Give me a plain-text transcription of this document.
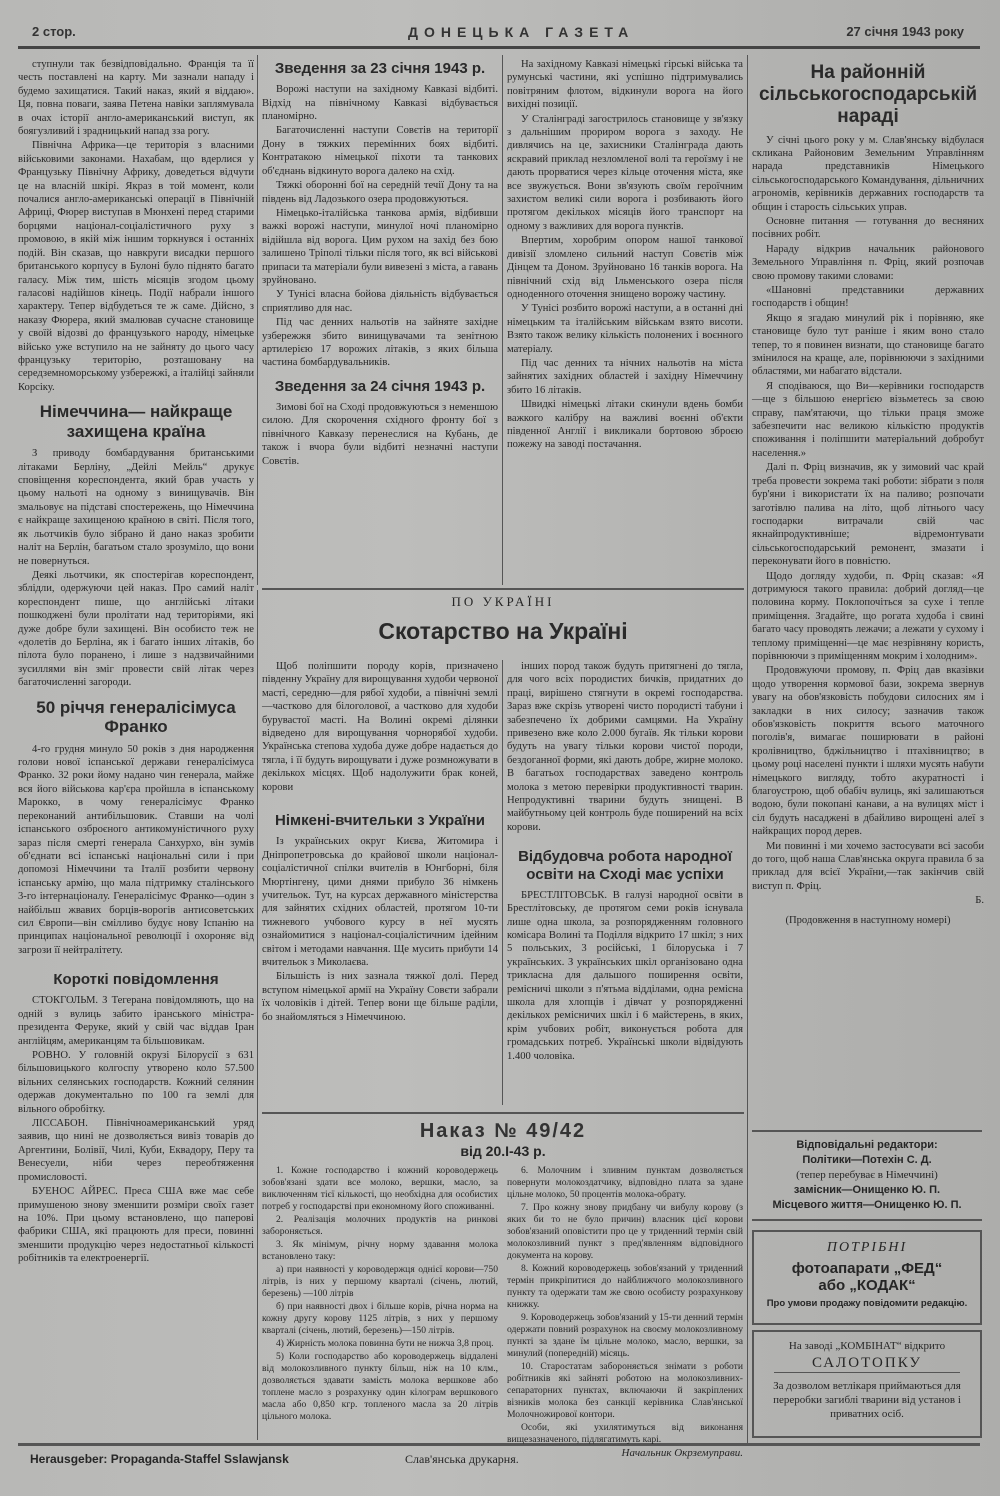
2 стор.	ДОНЕЦЬКА ГАЗЕТА	27 січня 1943 року

ступнули так безвідповідально. Франція та її честь поставлені на карту. Ми зазнали нападу і будемо захищатися. Такий наказ, який я віддаю». Ця, повна поваги, заява Петена навіки заплямувала в очах історії англо-американський виступ, як боягузливий і зрадницький напад зза рогу.

Північна Африка—це територія з власними військовими законами. Нахабам, що вдерлися у Французьку Північну Африку, доведеться відчути це на власній шкірі. Якраз в той момент, коли почалися англо-американські операції в Північній Африці, Фюрер виступав в Мюнхені перед старими борцями націонал-соціалістичного руху з промовою, в якій між іншим торкнувся і останніх подій. Він сказав, що навкруги висадки першого британського корпусу в Булоні було піднято багато галасу. Між тим, шість місяців згодом цьому галасові надійшов кінець. Події набрали іншого характеру. Тепер відбудеться те ж саме. Дійсно, з наказу Фюрера, який змалював сучасне становище у своїй відозві до французького народу, німецьке військо уже вступило на не зайняту до цього часу французьку територію, розташовану на середземноморському узбережжі, а італійці зайняли Корсіку.

Німеччина— найкраще захищена країна

З приводу бомбардування британськими літаками Берліну, „Дейлі Мейль“ друкує сповіщення кореспондента, який брав участь у цьому нальоті на одному з винищувачів. Він змальовує на підставі спостережень, що Німеччина є найкраще захищеною країною в світі. Після того, як льотчиків було зібрано й дано наказ зробити наліт на Берлін, багатьом стало зрозуміло, що вони не повернуться.

Деякі льотчики, як спостерігав кореспондент, зблідли, одержуючи цей наказ. Про самий наліт кореспондент пише, що англійські літаки пошкоджені були пролітати над територіями, які дуже добре були захищені. Він особисто теж не «долетів до Берліна, як і багато інших літаків, бо пілота було поранено, і лише з надзвичайними зусиллями він зміг провести свій літак через багаточисленні загороди.

50 річчя генералісімуса Франко

4-го грудня минуло 50 років з дня народження голови нової іспанської держави генералісімуса Франко. 32 роки йому надано чин генерала, майже вся його військова кар'єра пройшла в іспанському Марокко, в чому генералісімус Франко переконаний антибільшовик. Ставши на чолі іспанського озброєного антикомуністичного руху зараз після смерті генерала Санхурхо, він зумів об'єднати всі іспанські національні сили і при допомозі Німеччини та Італії розбити червону іспанську армію, що мала підтримку сталінського 3-го інтернаціоналу. Генералісімус Франко—один з найбільш жвавих борців-ворогів антисоветських сил Європи—він смілливо будує нову Іспанію на принципах національної революції і охороняє від загрози її нейтралітету.

Короткі повідомлення

СТОКГОЛЬМ. З Тегерана повідомляють, що на одній з вулиць забито іранського міністра-президента Феруке, який у свій час віддав Іран англійцям, американцям та більшовикам.

РОВНО. У головній окрузі Білорусії з 631 більшовицького колгоспу утворено коло 57.500 вільних селянських господарств. Кожний селянин одержав документально по 100 га землі для вільного обробітку.

ЛІССАБОН. Північноамериканський уряд заявив, що нині не дозволяється вивіз товарів до Аргентини, Болівії, Чилі, Куби, Еквадору, Перу та Венесуели, ніби через переобтяження промисловості.

БУЕНОС АЙРЕС. Преса США вже має себе примушеною знову зменшити розміри своїх газет на 10%. При цьому встановлено, що паперові фабрики США, які працюють для преси, повинні зменшити продукцію через недостатньої кількості робітників та електроенергії.

Зведення за 23 січня 1943 р.

Ворожі наступи на західному Кавказі відбиті. Відхід на північному Кавказі відбувається планомірно.

Багаточисленні наступи Совєтів на території Дону в тяжких перемінних боях відбиті. Контратакою німецької піхоти та танкових об'єднань відкинуто ворога далеко на схід.

Тяжкі оборонні бої на середній течії Дону та на південь від Ладозького озера продовжуються.

Німецько-італійська танкова армія, відбивши важкі ворожі наступи, минулої ночі планомірно відійшла від ворога. Цим рухом на захід без бою залишено Тріполі тільки після того, як всі військові припаси та матеріали були вивезені з міста, а гавань зруйновано.

У Тунісі власна бойова діяльність відбувається сприятливо для нас.

Під час денних нальотів на зайняте західне узбережжя збито винищувачами та зенітною артилерією 17 ворожих літаків, з яких більша частина бомбардувальників.

Зведення за 24 січня 1943 р.

Зимові бої на Сході продовжуються з неменшою силою. Для скорочення східного фронту бої з північного Кавказу перенеслися на Кубань, де також і вчора були відбиті незначні наступи Совєтів.

На західному Кавказі німецькі гірські війська та румунські частини, які успішно підтримувались повітряним флотом, відкинули ворога на його вихідні позиції.

У Сталінграді загострилось становище у зв'язку з дальнішим прориром ворога з заходу. Не дивлячись на це, захисники Сталінграда дають яскравий приклад незломленої волі та героїзму і не дають прорватися через кільце оточення міста, яке все звужується. Вони зв'язують своїм героїчним захистом великі сили ворога і розбивають його протягом декількох місяців його транспорт на одному з важливих для ворога пунктів.

Впертим, хоробрим опором нашої танкової дивізії зломлено сильний наступ Совєтів між Дінцем та Доном. Зруйновано 16 танків ворога. На північний схід від Ільменського озера після одноденного оточення знищено ворожу частину.

У Тунісі розбито ворожі наступи, а в останні дні німецьким та італійським військам взято висоти. Взято також велику кількість полонених і воєнного матеріалу.

Під час денних та нічних нальотів на міста зайнятих західних областей і західну Німеччину збито 16 літаків.

Швидкі німецькі літаки скинули вдень бомби важкого калібру на важливі воєнні об'єкти південної Англії і викликали бортовою зброєю пожежу на заводі постачання.

ПО УКРАЇНІ
Скотарство на Україні

Щоб поліпшити породу корів, призначено південну Україну для вирощування худоби червоної масті, середню—для рябої худоби, а північні землі—частково для білоголової, а частково для худоби бурувастої масті. На Волині окремі ділянки відведено для вирощування чорнорябої худоби. Українська степова худоба дуже добре надається до тягла, і її будуть вирощувати і дуже розмножувати в декількох місцях. Щоб надолужити брак коней, корови

Німкені-вчительки з України

Із українських округ Києва, Житомира і Дніпропетровська до крайової школи націонал-соціалістичної спілки вчителів в Юнгборні, біля Мюртінгену, цими днями прибуло 36 німкень учительок. Тут, на курсах державного міністерства для зайнятих східних областей, протягом 10-ти тижневого учбового курсу в неї мусять ознайомитися з націонал-соціалістичним ідейним світом і методами навчання. Ще мусить прибути 14 вчительок з Миколаєва.

Більшість із них зазнала тяжкої долі. Перед вступом німецької армії на Україну Совєти забрали їх чоловіків і дітей. Тепер вони ще більше раділи, бо знайомляться з Німеччиною.

інших пород також будуть притягнені до тягла, для чого всіх породистих бичків, придатних до праці, вирішено стягнути в окремі господарства. Зараз вже скрізь утворені чисто породисті табуни і забезпечено їх добрими самцями. На Україну привезено вже коло 2.000 бугаїв. Як тільки корови будуть на увагу тільки корови чистої породи, бездоганної форми, які дають добре, жирне молоко. В багатьох господарствах заведено контроль молока з метою перевірки продуктивності тварин. Непродуктивні тварини будуть знищені. В майбутньому цей контроль буде поширений на всіх корови.

Відбудовча робота народної освіти на Сході має успіхи

БРЕСТЛІТОВСЬК. В галузі народної освіти в Брестлітовську, де протягом семи років існувала лише одна школа, за розпорядженням головного комісара Волині та Поділля відкрито 17 шкіл; з них 5 польських, 3 російські, 1 білоруська і 7 українських. З українських шкіл організовано одна трикласна для дальшого поширення освіти, ремісничі школи з п'ятьма відділами, одна ремісна школа для хлопців і дівчат у розпорядженні декількох ремісничих шкіл і 6 майстерень, в яких, крім учбових робіт, виконується робота для громадських потреб. Українські школи відвідують 1.400 чоловіка.

Наказ № 49/42
від 20.І-43 р.

1. Кожне господарство і кожний короводержець зобов'язані здати все молоко, вершки, масло, за виключенням тієї кількості, що необхідна для особистих потреб у господарстві при економному його споживанні.

2. Реалізація молочних продуктів на ринкові забороняється.

3. Як мінімум, річну норму здавання молока встановлено таку:

а) при наявності у короводержця однієї корови—750 літрів, із них у першому кварталі (січень, лютий, березень) —100 літрів

б) при наявності двох і більше корів, річна норма на кожну другу корову 1125 літрів, з них у першому кварталі (січень, лютий, березень)—150 літрів.

4) Жирність молока повинна бути не нижча 3,8 проц.

5) Коли господарство або короводержець віддалені від молокозливного пункту більш, ніж на 10 клм., дозволяється здавати замість молока вершкове або топлене масло з розрахунку один кілограм вершкового масла або 0,850 кгр. топленого масла за 20 літрів цільного молока.

6. Молочним і зливним пунктам дозволяється повернути молокоздатчику, відповідно плата за здане цільне молоко, 50 процентів молока-обрату.

7. Про кожну знову придбану чи вибулу корову (з яких би то не було причин) власник цієї корови зобов'язаний оповістити про це у триденний термін свій молокозливний пункт з пред'явленням відповідного документа на корову.

8. Кожний короводержець зобов'язаний у триденний термін прикріпитися до найближчого молокозливного пункту та одержати там же свою особисту розрахункову книжку.

9. Короводержець зобов'язаний у 15-ти денний термін одержати повний розрахунок на своєму молокозливному пункті за здане їм цільне молоко, масло, вершки, за минулий (попередній) місяць.

10. Старостатам забороняється знімати з роботи робітників які зайняті роботою на молокозливних-сепараторних пунктах, включаючи й закріплених візників молока без санкції керівника Слав'янської Молочножирової контори.

Особи, які ухилятимуться від виконання вищезазначеного, підлягатимуть карі.

Начальник Окрземуправи.

На районній сільськогосподарській нараді

У січні цього року у м. Слав'янську відбулася скликана Районовим Земельним Управлінням нарада представників Німецького сільськогосподарського Командування, дільничних агрономів, керівників державних господарств та общин і старость сільських управ.

Основне питання — готування до весняних посівних робіт.

Нараду відкрив начальник районового Земельного Управління п. Фріц, який розпочав свою промову такими словами:

«Шановні представники державних господарств і общин!

Якщо я згадаю минулий рік і порівняю, яке становище було тут раніше і яким воно стало тепер, то я повинен визнати, що становище багато змінилося на краще, але, порівнюючи з західними областями, ми набагато відстали.

Я сподіваюся, що Ви—керівники господарств—ще з більшою енергією візьметесь за свою справу, пам'ятаючи, що тільки праця зможе забезпечити нас великою кількістю продуктів споживання і поліпшити матеріальний добробут населення.»

Далі п. Фріц визначив, як у зимовий час край треба провести зокрема такі роботи: зібрати з поля бур'яни і використати їх на паливо; розпочати заготівлю палива на літо, щоб літнього часу господарки витрачали свій час якнайпродуктивніше; відремонтувати сільськогосподарський ремонент, змазати і переконувати його в повністю.

Щодо догляду худоби, п. Фріц сказав: «Я дотримуюся такого правила: добрий догляд—це половина корму. Поклопочіться за сухе і тепле приміщення. Згадайте, що рогата худоба і свині багато часу проводять лежачи; а лежати у сухому і теплому приміщенні—це має незрівняну користь, порівнюючи з приміщенням мокрим і холодним».

Продовжуючи промову, п. Фріц дав вказівки щодо утворення кормової бази, зокрема звернув увагу на обов'язковість побудови силосних ям і закладки в них силосу; зазначив також обов'язковість покриття всього маточного поголів'я, вимагає поширювати в районі кролівництво, бджільництво і птахівництво; в цьому році населені пункти і шляхи мусять набути німецького вигляду, тобто акуратності і благоустрою, щоб обабіч вулиць, які залишаються водою, були покопані канави, а на вулицях міст і сіл будуть насаджені в дбайливо вирощені алеї з найкращих пород дерев.

Ми повинні і ми хочемо застосувати всі засоби до того, щоб наша Слав'янська округа правила б за приклад для всієї України,—так закінчив свій виступ п. Фріц.

Б.

(Продовження в наступному номері)
Відповідальні редактори:
Політики—Потехін С. Д.
(тепер перебуває в Німеччині)
замісник—Онищенко Ю. П.
Місцевого життя—Онищенко Ю. П.
ПОТРІБНІ
фотоапарати „ФЕД“
або „КОДАК“
Про умови продажу повідомити редакцію.
На заводі „КОМБІНАТ“ відкрито
САЛОТОПКУ
За дозволом ветлікаря приймаються для переробки загиблі тварини від установ і приватних осіб.
Herausgeber: Propaganda-Staffel Sslawjansk	Слав'янська друкарня.
